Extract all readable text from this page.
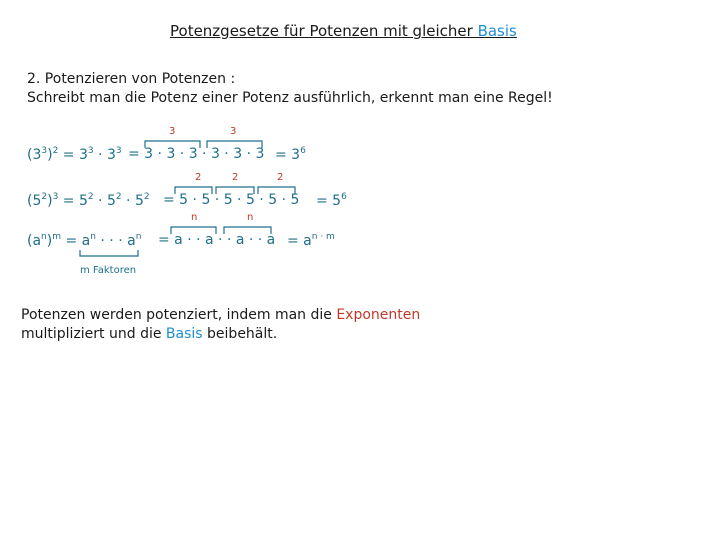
Potenzgesetze für Potenzen mit gleicher Basis
2. Potenzieren von Potenzen :
Schreibt man die Potenz einer Potenz ausführlich, erkennt man eine Regel!
3	3
$(3^3)^2 = 3^3 \cdot 3^3 = 3 \cdot 3 \cdot 3 \cdot 3 \cdot 3 \cdot 3 = 3^6$
2	2	2
$(5^2)^3 = 5^2 \cdot 5^2 \cdot 5^2 = 5 \cdot 5 \cdot 5 \cdot 5 \cdot 5 \cdot 5 = 5^6$
n	n
$(a^n)^m = a^n$ · · · $a^n = a$ · · a · · a · · $a = a^{n \cdot m}$
m Faktoren
Potenzen werden potenziert, indem man die Exponenten
multipliziert und die Basis beibehält.
